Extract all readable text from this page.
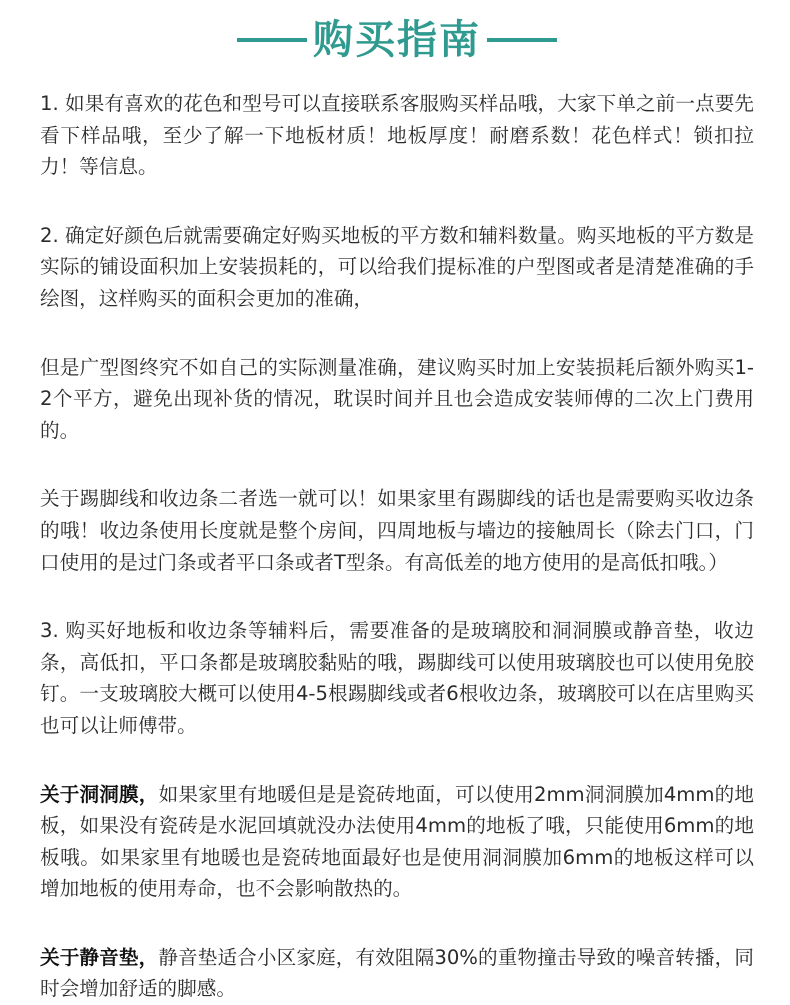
购买指南

1. 如果有喜欢的花色和型号可以直接联系客服购买样品哦，大家下单之前一点要先看下样品哦，至少了解一下地板材质！地板厚度！耐磨系数！花色样式！锁扣拉力！等信息。

2. 确定好颜色后就需要确定好购买地板的平方数和辅料数量。购买地板的平方数是实际的铺设面积加上安装损耗的，可以给我们提标准的户型图或者是清楚准确的手绘图，这样购买的面积会更加的准确，

但是广型图终究不如自己的实际测量准确，建议购买时加上安装损耗后额外购买1-2个平方，避免出现补货的情况，耽误时间并且也会造成安装师傅的二次上门费用的。

关于踢脚线和收边条二者选一就可以！如果家里有踢脚线的话也是需要购买收边条的哦！收边条使用长度就是整个房间，四周地板与墙边的接触周长（除去门口，门口使用的是过门条或者平口条或者T型条。有高低差的地方使用的是高低扣哦。）

3. 购买好地板和收边条等辅料后，需要准备的是玻璃胶和洞洞膜或静音垫，收边条，高低扣，平口条都是玻璃胶黏贴的哦，踢脚线可以使用玻璃胶也可以使用免胶钉。一支玻璃胶大概可以使用4-5根踢脚线或者6根收边条，玻璃胶可以在店里购买也可以让师傅带。

关于洞洞膜，如果家里有地暖但是是瓷砖地面，可以使用2mm洞洞膜加4mm的地板，如果没有瓷砖是水泥回填就没办法使用4mm的地板了哦，只能使用6mm的地板哦。如果家里有地暖也是瓷砖地面最好也是使用洞洞膜加6mm的地板这样可以增加地板的使用寿命，也不会影响散热的。

关于静音垫，静音垫适合小区家庭，有效阻隔30%的重物撞击导致的噪音转播，同时会增加舒适的脚感。
